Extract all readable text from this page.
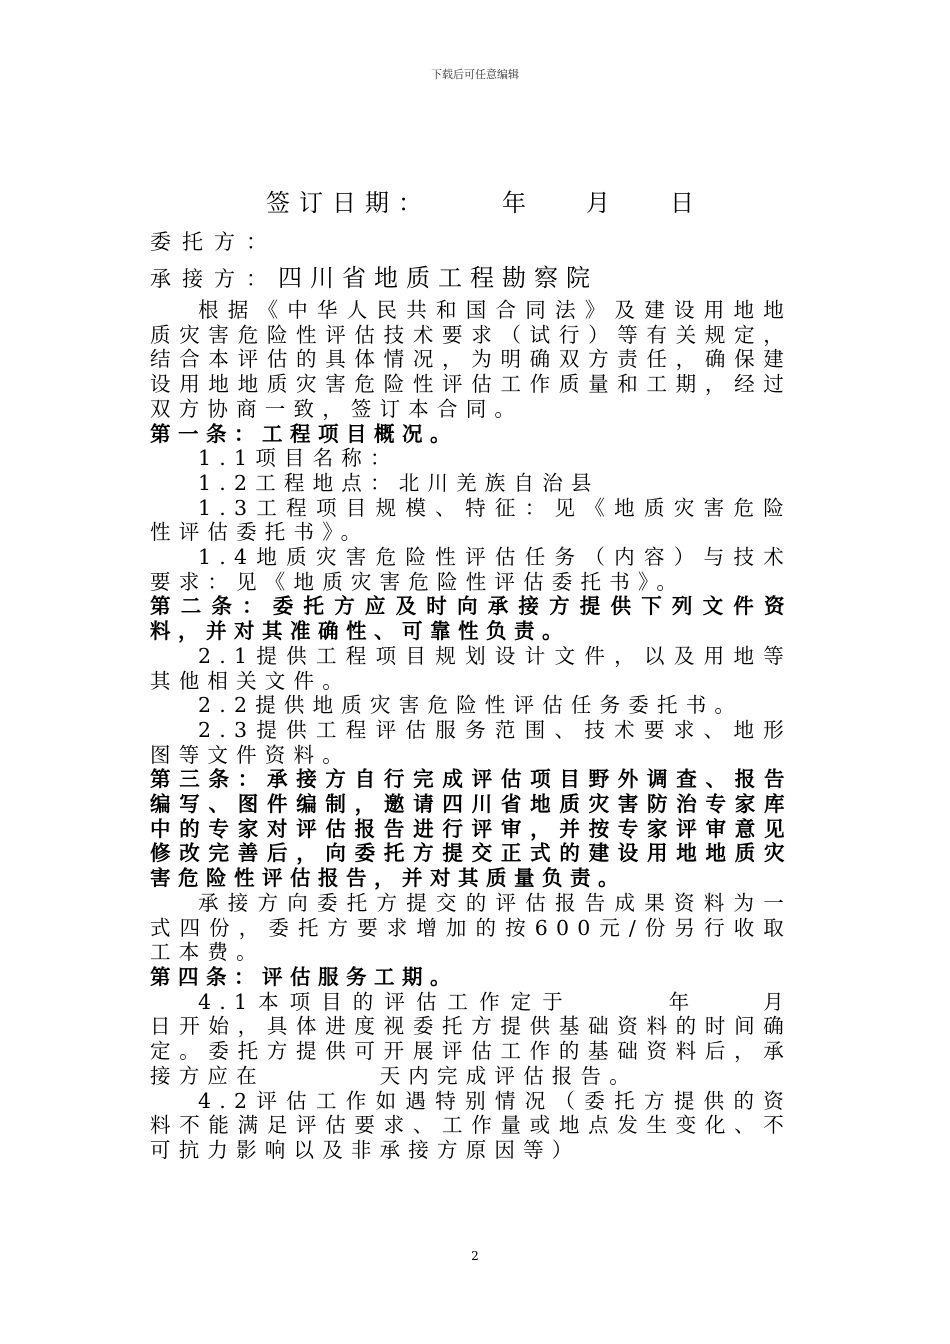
下载后可任意编辑
签订日期：	年 月 日
委托方：
承接方：四川省地质工程勘察院

根据《中华人民共和国合同法》及建设用地地质灾害危险性评估技术要求（试行）等有关规定，结合本评估的具体情况，为明确双方责任，确保建设用地地质灾害危险性评估工作质量和工期，经过双方协商一致，签订本合同。

第一条：工程项目概况。

1.1项目名称：

1.2工程地点：北川羌族自治县

1.3工程项目规模、特征：见《地质灾害危险性评估委托书》。

1.4地质灾害危险性评估任务（内容）与技术要求：见《地质灾害危险性评估委托书》。

第二条：委托方应及时向承接方提供下列文件资料，并对其准确性、可靠性负责。

2.1提供工程项目规划设计文件，以及用地等其他相关文件。

2.2提供地质灾害危险性评估任务委托书。

2.3提供工程评估服务范围、技术要求、地形图等文件资料。

第三条：承接方自行完成评估项目野外调查、报告编写、图件编制，邀请四川省地质灾害防治专家库中的专家对评估报告进行评审，并按专家评审意见修改完善后，向委托方提交正式的建设用地地质灾害危险性评估报告，并对其质量负责。

承接方向委托方提交的评估报告成果资料为一式四份，委托方要求增加的按600元/份另行收取工本费。

第四条：评估服务工期。

4.1本项目的评估工作定于　　　年　　月　　日开始，具体进度视委托方提供基础资料的时间确定。委托方提供可开展评估工作的基础资料后，承接方应在　　　　天内完成评估报告。

4.2评估工作如遇特别情况（委托方提供的资料不能满足评估要求、工作量或地点发生变化、不可抗力影响以及非承接方原因等）

2
